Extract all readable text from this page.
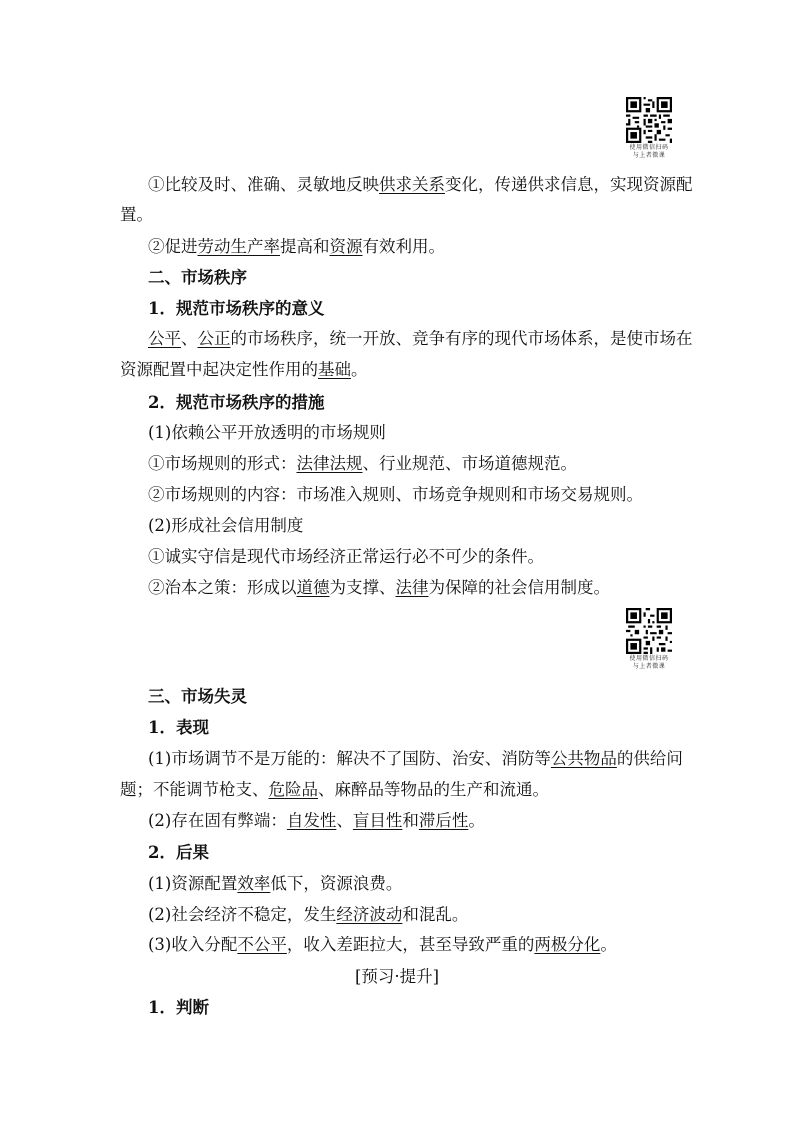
使用微信扫码
与上者微课
①比较及时、准确、灵敏地反映供求关系变化，传递供求信息，实现资源配
置。
②促进劳动生产率提高和资源有效利用。
二、市场秩序
1．规范市场秩序的意义
公平、公正的市场秩序，统一开放、竞争有序的现代市场体系，是使市场在
资源配置中起决定性作用的基础。
2．规范市场秩序的措施
(1)依赖公平开放透明的市场规则
①市场规则的形式：法律法规、行业规范、市场道德规范。
②市场规则的内容：市场准入规则、市场竞争规则和市场交易规则。
(2)形成社会信用制度
①诚实守信是现代市场经济正常运行必不可少的条件。
②治本之策：形成以道德为支撑、法律为保障的社会信用制度。
使用微信扫码
与上者微课
三、市场失灵
1．表现
(1)市场调节不是万能的：解决不了国防、治安、消防等公共物品的供给问
题；不能调节枪支、危险品、麻醉品等物品的生产和流通。
(2)存在固有弊端：自发性、盲目性和滞后性。
2．后果
(1)资源配置效率低下，资源浪费。
(2)社会经济不稳定，发生经济波动和混乱。
(3)收入分配不公平，收入差距拉大，甚至导致严重的两极分化。
[预习·提升]
1．判断
